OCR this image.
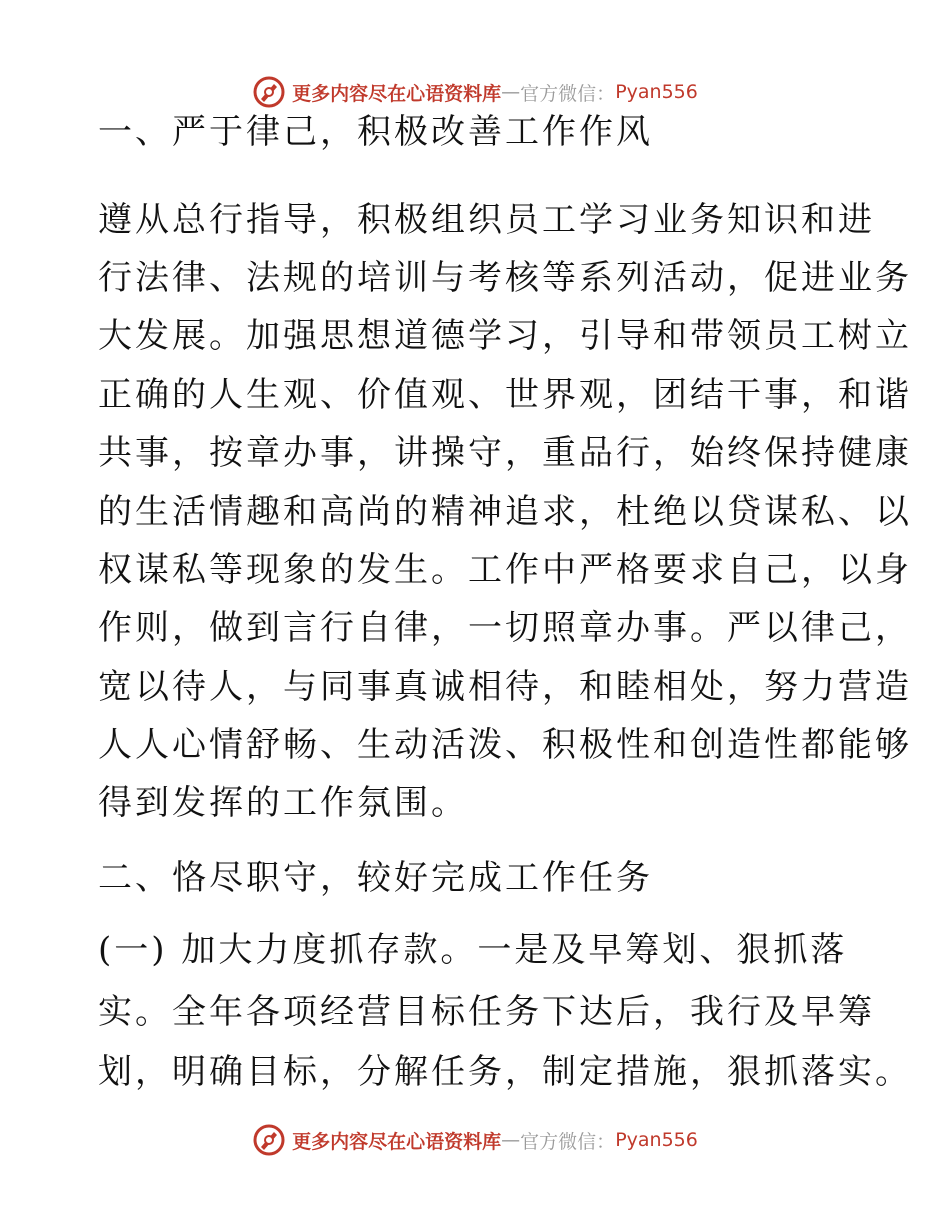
更多内容尽在心语资料库 — 官方微信： Pyan556
一、严于律己，积极改善工作作风
遵从总行指导，积极组织员工学习业务知识和进
行法律、法规的培训与考核等系列活动，促进业务
大发展。加强思想道德学习，引导和带领员工树立
正确的人生观、价值观、世界观，团结干事，和谐
共事，按章办事，讲操守，重品行，始终保持健康
的生活情趣和高尚的精神追求，杜绝以贷谋私、以
权谋私等现象的发生。工作中严格要求自己，以身
作则，做到言行自律，一切照章办事。严以律己，
宽以待人，与同事真诚相待，和睦相处，努力营造
人人心情舒畅、生动活泼、积极性和创造性都能够
得到发挥的工作氛围。
二、恪尽职守，较好完成工作任务
(一) 加大力度抓存款。一是及早筹划、狠抓落
实。全年各项经营目标任务下达后，我行及早筹
划，明确目标，分解任务，制定措施，狠抓落实。
更多内容尽在心语资料库 — 官方微信： Pyan556
